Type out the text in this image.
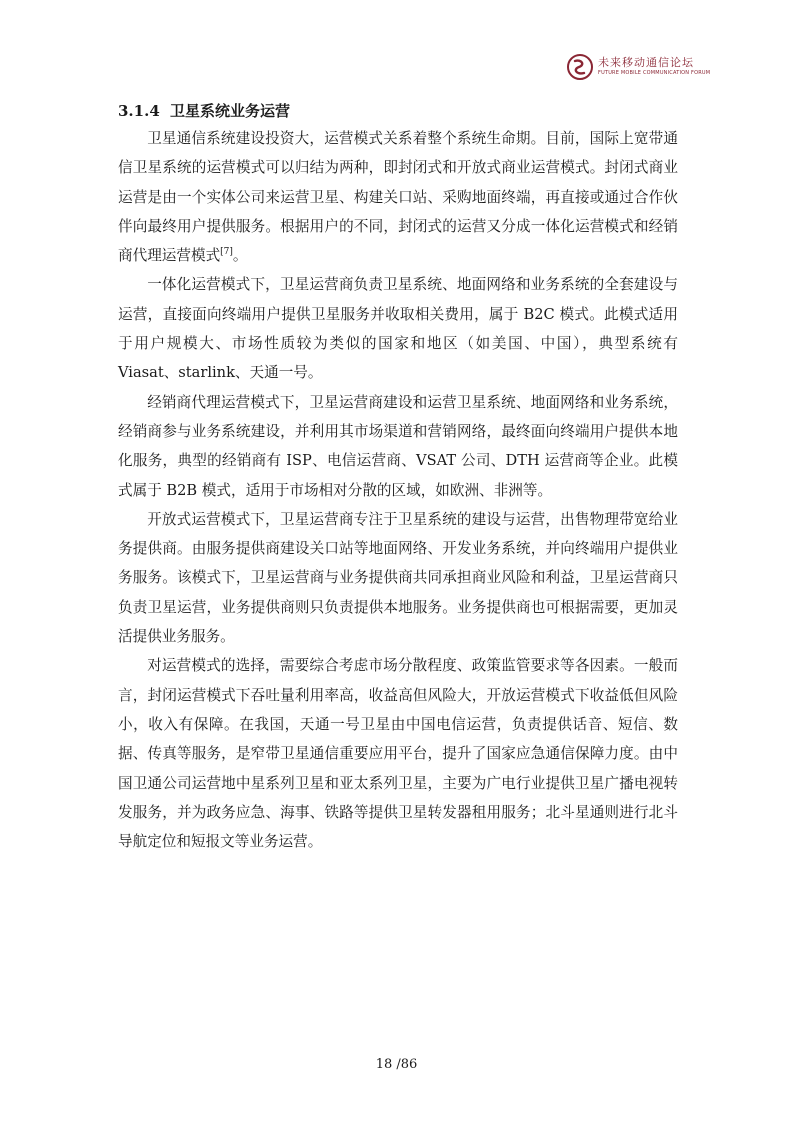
未来移动通信论坛
FUTURE MOBILE COMMUNICATION FORUM
3.1.4 卫星系统业务运营

卫星通信系统建设投资大，运营模式关系着整个系统生命期。目前，国际上宽带通信卫星系统的运营模式可以归结为两种，即封闭式和开放式商业运营模式。封闭式商业运营是由一个实体公司来运营卫星、构建关口站、采购地面终端，再直接或通过合作伙伴向最终用户提供服务。根据用户的不同，封闭式的运营又分成一体化运营模式和经销商代理运营模式[7]。

一体化运营模式下，卫星运营商负责卫星系统、地面网络和业务系统的全套建设与运营，直接面向终端用户提供卫星服务并收取相关费用，属于 B2C 模式。此模式适用于用户规模大、市场性质较为类似的国家和地区（如美国、中国），典型系统有 Viasat、starlink、天通一号。

经销商代理运营模式下，卫星运营商建设和运营卫星系统、地面网络和业务系统，经销商参与业务系统建设，并利用其市场渠道和营销网络，最终面向终端用户提供本地化服务，典型的经销商有 ISP、电信运营商、VSAT 公司、DTH 运营商等企业。此模式属于 B2B 模式，适用于市场相对分散的区域，如欧洲、非洲等。

开放式运营模式下，卫星运营商专注于卫星系统的建设与运营，出售物理带宽给业务提供商。由服务提供商建设关口站等地面网络、开发业务系统，并向终端用户提供业务服务。该模式下，卫星运营商与业务提供商共同承担商业风险和利益，卫星运营商只负责卫星运营，业务提供商则只负责提供本地服务。业务提供商也可根据需要，更加灵活提供业务服务。

对运营模式的选择，需要综合考虑市场分散程度、政策监管要求等各因素。一般而言，封闭运营模式下吞吐量利用率高，收益高但风险大，开放运营模式下收益低但风险小，收入有保障。在我国，天通一号卫星由中国电信运营，负责提供话音、短信、数据、传真等服务，是窄带卫星通信重要应用平台，提升了国家应急通信保障力度。由中国卫通公司运营地中星系列卫星和亚太系列卫星，主要为广电行业提供卫星广播电视转发服务，并为政务应急、海事、铁路等提供卫星转发器租用服务；北斗星通则进行北斗导航定位和短报文等业务运营。

18 /86
